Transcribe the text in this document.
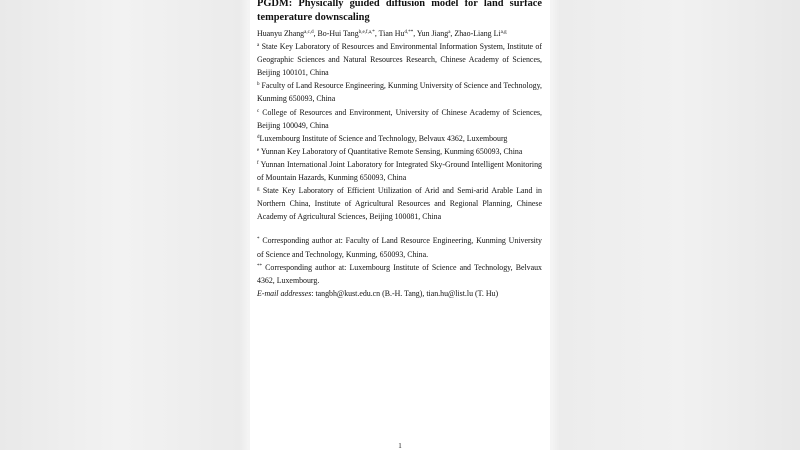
PGDM: Physically guided diffusion model for land surface temperature downscaling
Huanyu Zhang$^{a,c,d}$, Bo-Hui Tang$^{b,e,f,a,*}$, Tian $Hu^{d,**}$, Yun Jiang$^a$, Zhao-Liang Li$^{a,g}$
$^a$ State Key Laboratory of Resources and Environmental Information System, Institute of Geographic Sciences and Natural Resources Research, Chinese Academy of Sciences, Beijing 100101, China
$^b$ Faculty of Land Resource Engineering, Kunming University of Science and Technology, Kunming 650093, China
$^c$ College of Resources and Environment, University of Chinese Academy of Sciences, Beijing 100049, China
$^d$Luxembourg Institute of Science and Technology, Belvaux 4362, Luxembourg
$^e$ Yunnan Key Laboratory of Quantitative Remote Sensing, Kunming 650093, China
$^f$ Yunnan International Joint Laboratory for Integrated Sky-Ground Intelligent Monitoring of Mountain Hazards, Kunming 650093, China
$^g$ State Key Laboratory of Efficient Utilization of Arid and Semi-arid Arable Land in Northern China, Institute of Agricultural Resources and Regional Planning, Chinese Academy of Agricultural Sciences, Beijing 100081, China
* Corresponding author at: Faculty of Land Resource Engineering, Kunming University of Science and Technology, Kunming, 650093, China.
** Corresponding author at: Luxembourg Institute of Science and Technology, Belvaux 4362, Luxembourg.
E-mail addresses: tangbh@kust.edu.cn (B.-H. Tang), tian.hu@list.lu (T. Hu)
1
